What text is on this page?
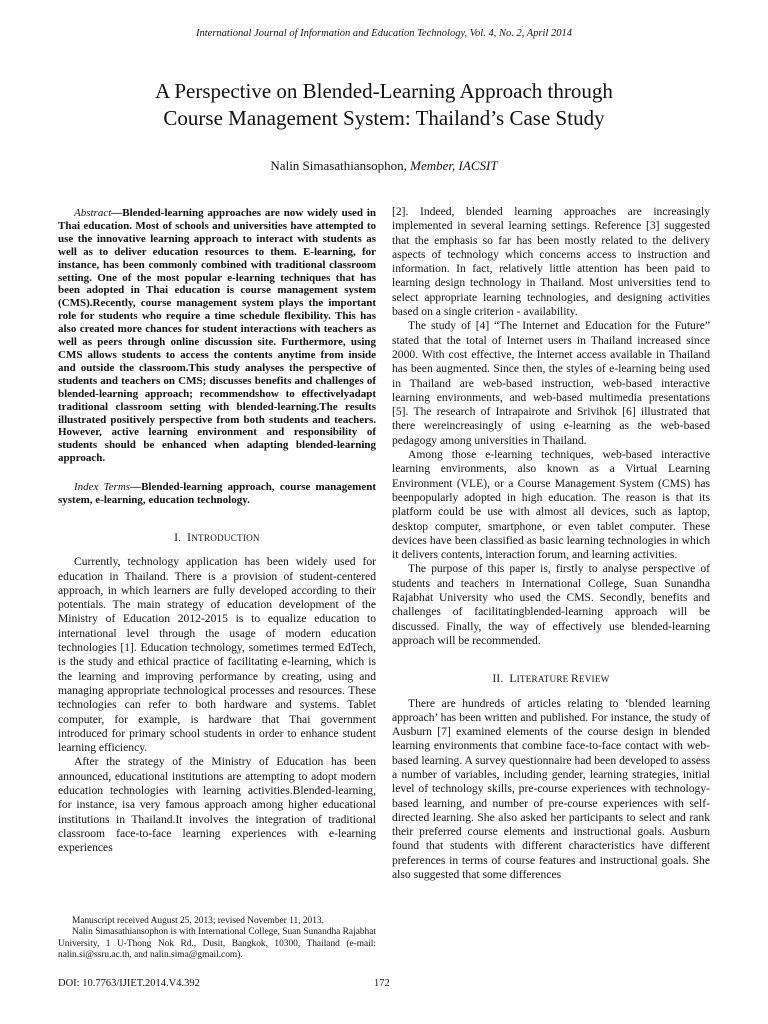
International Journal of Information and Education Technology, Vol. 4, No. 2, April 2014
A Perspective on Blended-Learning Approach through
Course Management System: Thailand’s Case Study
Nalin Simasathiansophon, Member, IACSIT

Abstract—Blended-learning approaches are now widely used in Thai education. Most of schools and universities have attempted to use the innovative learning approach to interact with students as well as to deliver education resources to them. E-learning, for instance, has been commonly combined with traditional classroom setting. One of the most popular e-learning techniques that has been adopted in Thai education is course management system (CMS).Recently, course management system plays the important role for students who require a time schedule flexibility. This has also created more chances for student interactions with teachers as well as peers through online discussion site. Furthermore, using CMS allows students to access the contents anytime from inside and outside the classroom.This study analyses the perspective of students and teachers on CMS; discusses benefits and challenges of blended-learning approach; recommendshow to effectivelyadapt traditional classroom setting with blended-learning.The results illustrated positively perspective from both students and teachers. However, active learning environment and responsibility of students should be enhanced when adapting blended-learning approach.

Index Terms—Blended-learning approach, course management system, e-learning, education technology.

I. INTRODUCTION

Currently, technology application has been widely used for education in Thailand. There is a provision of student-centered approach, in which learners are fully developed according to their potentials. The main strategy of education development of the Ministry of Education 2012-2015 is to equalize education to international level through the usage of modern education technologies [1]. Education technology, sometimes termed EdTech, is the study and ethical practice of facilitating e-learning, which is the learning and improving performance by creating, using and managing appropriate technological processes and resources. These technologies can refer to both hardware and systems. Tablet computer, for example, is hardware that Thai government introduced for primary school students in order to enhance student learning efficiency.

After the strategy of the Ministry of Education has been announced, educational institutions are attempting to adopt modern education technologies with learning activities.Blended-learning, for instance, isa very famous approach among higher educational institutions in Thailand.It involves the integration of traditional classroom face-to-face learning experiences with e-learning experiences

[2]. Indeed, blended learning approaches are increasingly implemented in several learning settings. Reference [3] suggested that the emphasis so far has been mostly related to the delivery aspects of technology which concerns access to instruction and information. In fact, relatively little attention has been paid to learning design technology in Thailand. Most universities tend to select appropriate learning technologies, and designing activities based on a single criterion - availability.

The study of [4] “The Internet and Education for the Future” stated that the total of Internet users in Thailand increased since 2000. With cost effective, the Internet access available in Thailand has been augmented. Since then, the styles of e-learning being used in Thailand are web-based instruction, web-based interactive learning environments, and web-based multimedia presentations [5]. The research of Intrapairote and Srivihok [6] illustrated that there wereincreasingly of using e-learning as the web-based pedagogy among universities in Thailand.

Among those e-learning techniques, web-based interactive learning environments, also known as a Virtual Learning Environment (VLE), or a Course Management System (CMS) has beenpopularly adopted in high education. The reason is that its platform could be use with almost all devices, such as laptop, desktop computer, smartphone, or even tablet computer. These devices have been classified as basic learning technologies in which it delivers contents, interaction forum, and learning activities.

The purpose of this paper is, firstly to analyse perspective of students and teachers in International College, Suan Sunandha Rajabhat University who used the CMS. Secondly, benefits and challenges of facilitatingblended-learning approach will be discussed. Finally, the way of effectively use blended-learning approach will be recommended.

II. LITERATURE REVIEW

There are hundreds of articles relating to ‘blended learning approach’ has been written and published. For instance, the study of Ausburn [7] examined elements of the course design in blended learning environments that combine face-to-face contact with web-based learning. A survey questionnaire had been developed to assess a number of variables, including gender, learning strategies, initial level of technology skills, pre-course experiences with technology-based learning, and number of pre-course experiences with self-directed learning. She also asked her participants to select and rank their preferred course elements and instructional goals. Ausburn found that students with different characteristics have different preferences in terms of course features and instructional goals. She also suggested that some differences

Manuscript received August 25, 2013; revised November 11, 2013.

Nalin Simasathiansophon is with International College, Suan Sunandha Rajabhat University, 1 U-Thong Nok Rd., Dusit, Bangkok, 10300, Thailand (e-mail: nalin.si@ssru.ac.th, and nalin.sima@gmail.com).

DOI: 10.7763/IJIET.2014.V4.392	172
